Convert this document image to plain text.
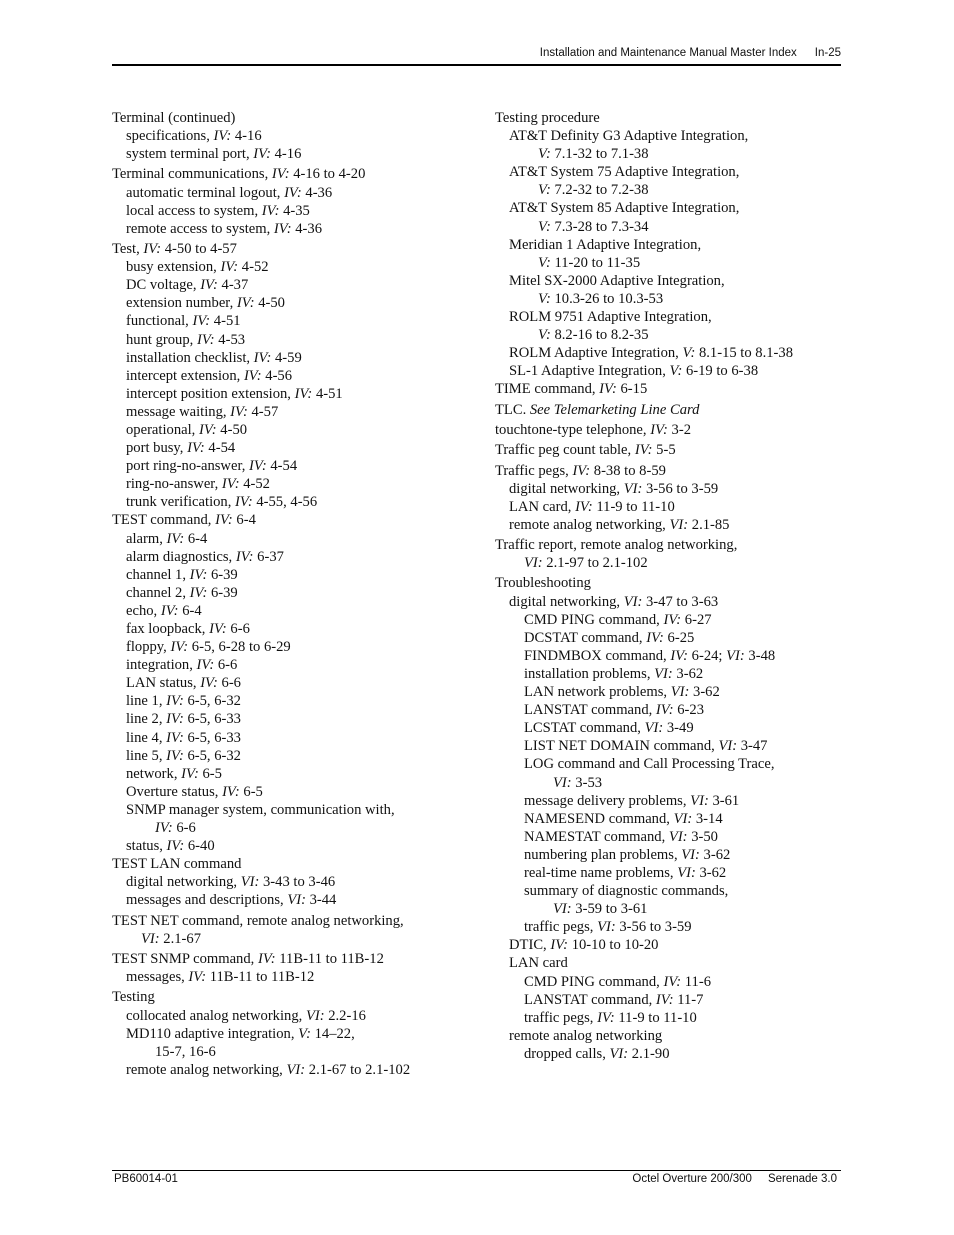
Installation and Maintenance Manual Master Index In-25
Terminal (continued)
specifications, IV: 4-16
system terminal port, IV: 4-16
Terminal communications, IV: 4-16 to 4-20
automatic terminal logout, IV: 4-36
local access to system, IV: 4-35
remote access to system, IV: 4-36
Test, IV: 4-50 to 4-57
busy extension, IV: 4-52
DC voltage, IV: 4-37
extension number, IV: 4-50
functional, IV: 4-51
hunt group, IV: 4-53
installation checklist, IV: 4-59
intercept extension, IV: 4-56
intercept position extension, IV: 4-51
message waiting, IV: 4-57
operational, IV: 4-50
port busy, IV: 4-54
port ring-no-answer, IV: 4-54
ring-no-answer, IV: 4-52
trunk verification, IV: 4-55, 4-56
TEST command, IV: 6-4
alarm, IV: 6-4
alarm diagnostics, IV: 6-37
channel 1, IV: 6-39
channel 2, IV: 6-39
echo, IV: 6-4
fax loopback, IV: 6-6
floppy, IV: 6-5, 6-28 to 6-29
integration, IV: 6-6
LAN status, IV: 6-6
line 1, IV: 6-5, 6-32
line 2, IV: 6-5, 6-33
line 4, IV: 6-5, 6-33
line 5, IV: 6-5, 6-32
network, IV: 6-5
Overture status, IV: 6-5
SNMP manager system, communication with,
IV: 6-6
status, IV: 6-40
TEST LAN command
digital networking, VI: 3-43 to 3-46
messages and descriptions, VI: 3-44
TEST NET command, remote analog networking,
VI: 2.1-67
TEST SNMP command, IV: 11B-11 to 11B-12
messages, IV: 11B-11 to 11B-12
Testing
collocated analog networking, VI: 2.2-16
MD110 adaptive integration, V: 14–22,
15-7, 16-6
remote analog networking, VI: 2.1-67 to 2.1-102
Testing procedure
AT&T Definity G3 Adaptive Integration,
V: 7.1-32 to 7.1-38
AT&T System 75 Adaptive Integration,
V: 7.2-32 to 7.2-38
AT&T System 85 Adaptive Integration,
V: 7.3-28 to 7.3-34
Meridian 1 Adaptive Integration,
V: 11-20 to 11-35
Mitel SX-2000 Adaptive Integration,
V: 10.3-26 to 10.3-53
ROLM 9751 Adaptive Integration,
V: 8.2-16 to 8.2-35
ROLM Adaptive Integration, V: 8.1-15 to 8.1-38
SL-1 Adaptive Integration, V: 6-19 to 6-38
TIME command, IV: 6-15
TLC. See Telemarketing Line Card
touchtone-type telephone, IV: 3-2
Traffic peg count table, IV: 5-5
Traffic pegs, IV: 8-38 to 8-59
digital networking, VI: 3-56 to 3-59
LAN card, IV: 11-9 to 11-10
remote analog networking, VI: 2.1-85
Traffic report, remote analog networking,
VI: 2.1-97 to 2.1-102
Troubleshooting
digital networking, VI: 3-47 to 3-63
CMD PING command, IV: 6-27
DCSTAT command, IV: 6-25
FINDMBOX command, IV: 6-24; VI: 3-48
installation problems, VI: 3-62
LAN network problems, VI: 3-62
LANSTAT command, IV: 6-23
LCSTAT command, VI: 3-49
LIST NET DOMAIN command, VI: 3-47
LOG command and Call Processing Trace,
VI: 3-53
message delivery problems, VI: 3-61
NAMESEND command, VI: 3-14
NAMESTAT command, VI: 3-50
numbering plan problems, VI: 3-62
real-time name problems, VI: 3-62
summary of diagnostic commands,
VI: 3-59 to 3-61
traffic pegs, VI: 3-56 to 3-59
DTIC, IV: 10-10 to 10-20
LAN card
CMD PING command, IV: 11-6
LANSTAT command, IV: 11-7
traffic pegs, IV: 11-9 to 11-10
remote analog networking
dropped calls, VI: 2.1-90
PB60014-01	Octel Overture 200/300 Serenade 3.0
